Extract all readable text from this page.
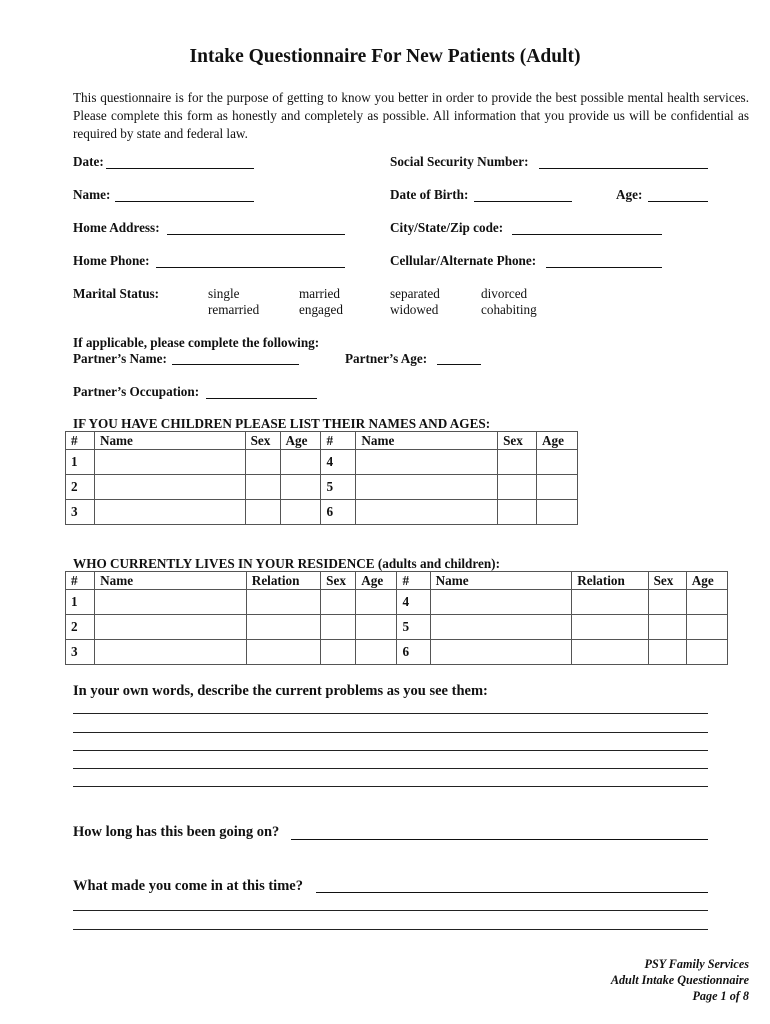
Intake Questionnaire For New Patients (Adult)
This questionnaire is for the purpose of getting to know you better in order to provide the best possible mental health services. Please complete this form as honestly and completely as possible. All information that you provide us will be confidential as required by state and federal law.
Date:	Social Security Number:
Name:	Date of Birth:	Age:
Home Address:	City/State/Zip code:
Home Phone:	Cellular/Alternate Phone:
Marital Status:	single	married	separated	divorced
remarried	engaged	widowed	cohabiting
If applicable, please complete the following:
Partner’s Name:	Partner’s Age:
Partner’s Occupation:
IF YOU HAVE CHILDREN PLEASE LIST THEIR NAMES AND AGES:
#	Name	Sex	Age	#	Name	Sex	Age
1				4			
2				5			
3				6			
WHO CURRENTLY LIVES IN YOUR RESIDENCE (adults and children):
#	Name	Relation	Sex	Age	#	Name	Relation	Sex	Age
1					4				
2					5				
3					6				
In your own words, describe the current problems as you see them:
How long has this been going on?
What made you come in at this time?
PSY Family Services
Adult Intake Questionnaire
Page 1 of 8
